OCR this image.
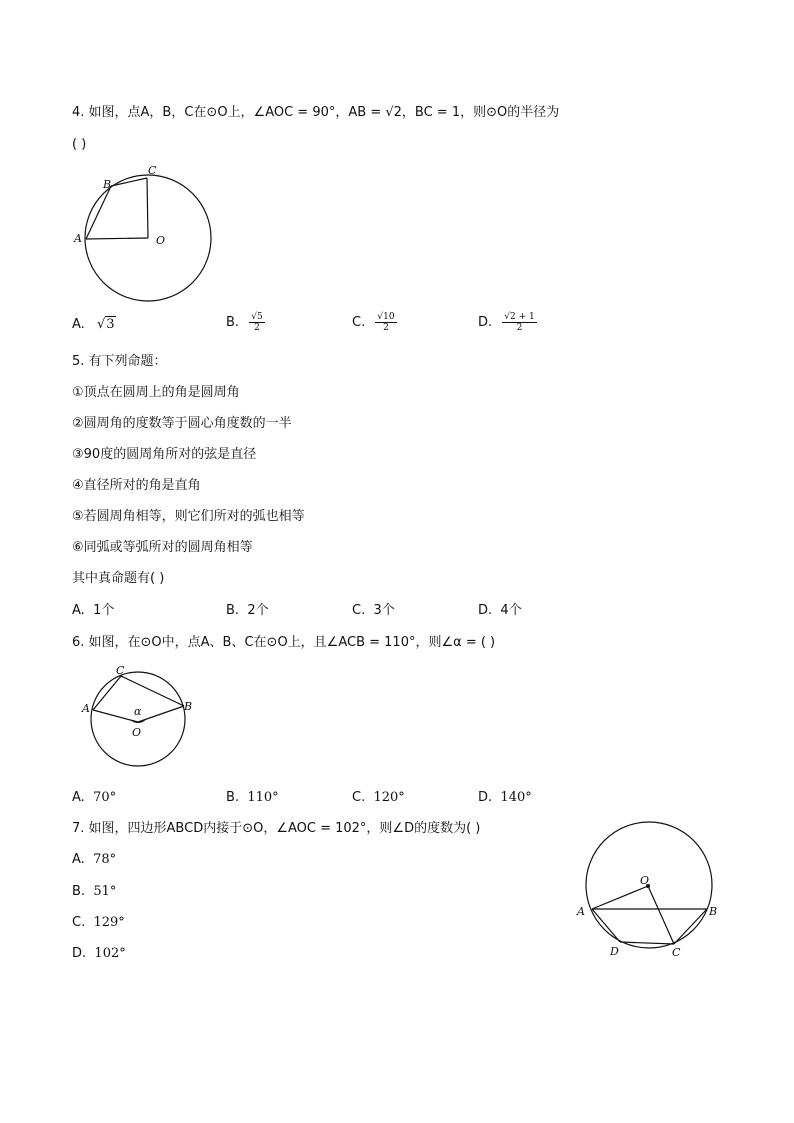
4. 如图，点A，B，C在⊙O上，∠AOC = 90°，AB = √2，BC = 1，则⊙O的半径为
( )
A
B
C
O
A. √3	B. $\frac{√5}{2}$	C. $\frac{√10}{2}$	D. $\frac{√2 + 1}{2}$
5. 有下列命题：
①顶点在圆周上的角是圆周角
②圆周角的度数等于圆心角度数的一半
③90度的圆周角所对的弦是直径
④直径所对的角是直角
⑤若圆周角相等，则它们所对的弧也相等
⑥同弧或等弧所对的圆周角相等
其中真命题有( )
A. 1个	B. 2个	C. 3个	D. 4个
6. 如图，在⊙O中，点A、B、C在⊙O上，且∠ACB = 110°，则∠α = ( )
A	B
C
O
α
A. 70°	B. 110°	C. 120°	D. 140°
7. 如图，四边形ABCD内接于⊙O，∠AOC = 102°，则∠D的度数为( )
A. 78°
B. 51°
C. 129°
D. 102°
A	B
C
D
O
